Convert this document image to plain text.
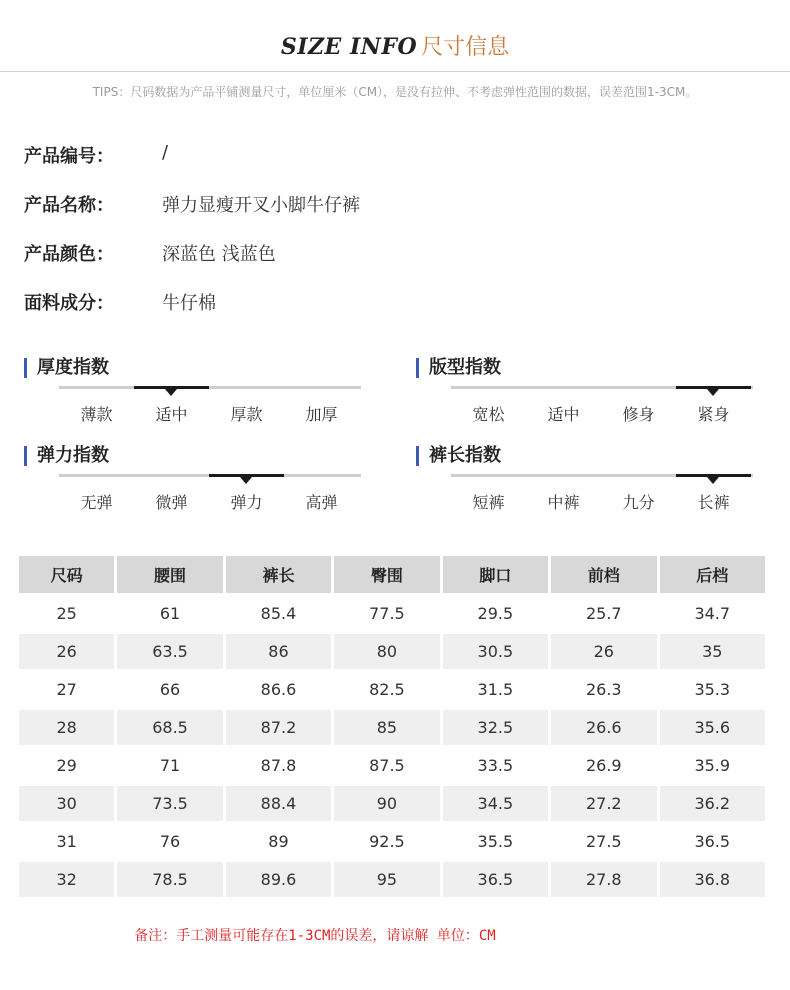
SIZE INFO 尺寸信息
TIPS：尺码数据为产品平铺测量尺寸，单位厘米（CM），是没有拉伸、不考虑弹性范围的数据，误差范围1-3CM。
产品编号：	/
产品名称：	弹力显瘦开叉小脚牛仔裤
产品颜色：	深蓝色 浅蓝色
面料成分：	牛仔棉
厚度指数
薄款	适中	厚款	加厚
版型指数
宽松	适中	修身	紧身
弹力指数
无弹	微弹	弹力	高弹
裤长指数
短裤	中裤	九分	长裤
尺码	腰围	裤长	臀围	脚口	前档	后档
25	61	85.4	77.5	29.5	25.7	34.7
26	63.5	86	80	30.5	26	35
27	66	86.6	82.5	31.5	26.3	35.3
28	68.5	87.2	85	32.5	26.6	35.6
29	71	87.8	87.5	33.5	26.9	35.9
30	73.5	88.4	90	34.5	27.2	36.2
31	76	89	92.5	35.5	27.5	36.5
32	78.5	89.6	95	36.5	27.8	36.8
备注：手工测量可能存在1-3CM的误差，请谅解 单位：CM
